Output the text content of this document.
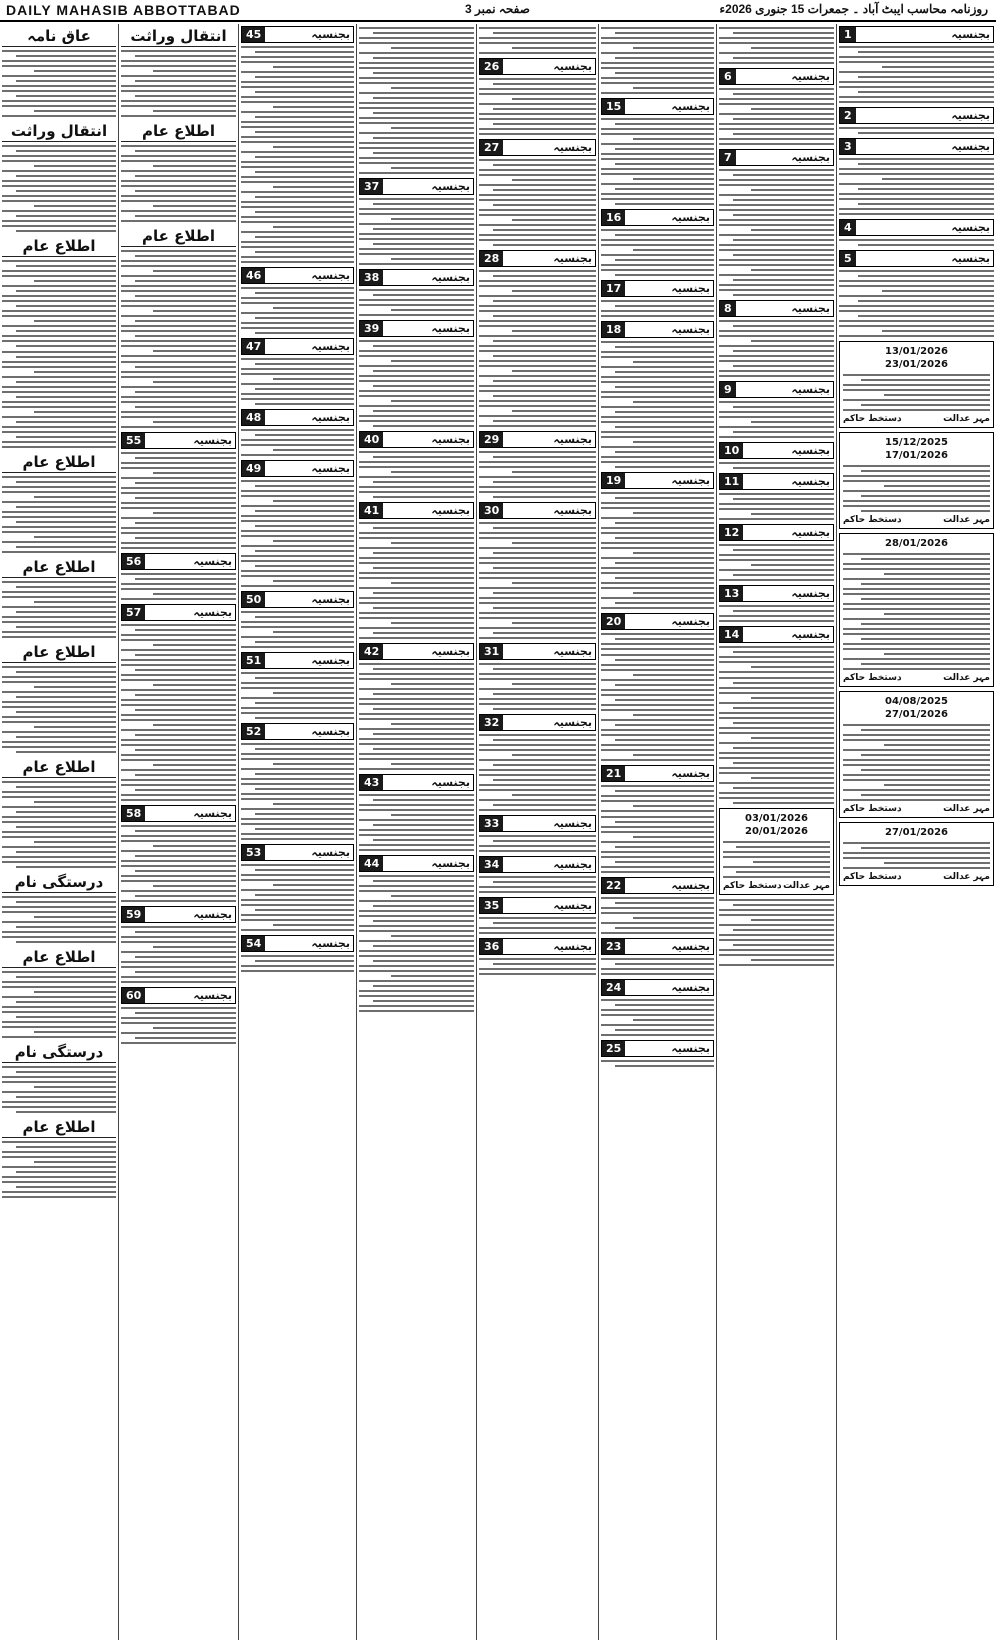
DAILY MAHASIB ABBOTTABAD	صفحہ نمبر 3	روزنامہ محاسب ایبٹ آباد ۔ جمعرات 15 جنوری 2026ء
عاق نامہ
انتقال وراثت
اطلاع عام
اطلاع عام
اطلاع عام
اطلاع عام
اطلاع عام
درستگی نام
اطلاع عام
درستگی نام
اطلاع عام
انتقال وراثت
اطلاع عام
اطلاع عام
55	بجنسیہ
56	بجنسیہ
57	بجنسیہ
58	بجنسیہ
59	بجنسیہ
60	بجنسیہ
45	بجنسیہ
46	بجنسیہ
47	بجنسیہ
48	بجنسیہ
49	بجنسیہ
50	بجنسیہ
51	بجنسیہ
52	بجنسیہ
53	بجنسیہ
54	بجنسیہ
37	بجنسیہ
38	بجنسیہ
39	بجنسیہ
40	بجنسیہ
41	بجنسیہ
42	بجنسیہ
43	بجنسیہ
44	بجنسیہ
26	بجنسیہ
27	بجنسیہ
28	بجنسیہ
29	بجنسیہ
30	بجنسیہ
31	بجنسیہ
32	بجنسیہ
33	بجنسیہ
34	بجنسیہ
35	بجنسیہ
36	بجنسیہ
15	بجنسیہ
16	بجنسیہ
17	بجنسیہ
18	بجنسیہ
19	بجنسیہ
20	بجنسیہ
21	بجنسیہ
22	بجنسیہ
23	بجنسیہ
24	بجنسیہ
25	بجنسیہ
6	بجنسیہ
7	بجنسیہ
8	بجنسیہ
9	بجنسیہ
10	بجنسیہ
11	بجنسیہ
12	بجنسیہ
13	بجنسیہ
14	بجنسیہ
03/01/2026
20/01/2026
مہر عدالت
دستخط حاکم
1	بجنسیہ
2	بجنسیہ
3	بجنسیہ
4	بجنسیہ
5	بجنسیہ
13/01/2026
23/01/2026
مہر عدالت
دستخط حاکم
15/12/2025
17/01/2026
مہر عدالت
دستخط حاکم
28/01/2026
مہر عدالت
دستخط حاکم
04/08/2025
27/01/2026
مہر عدالت
دستخط حاکم
27/01/2026
مہر عدالت
دستخط حاکم
